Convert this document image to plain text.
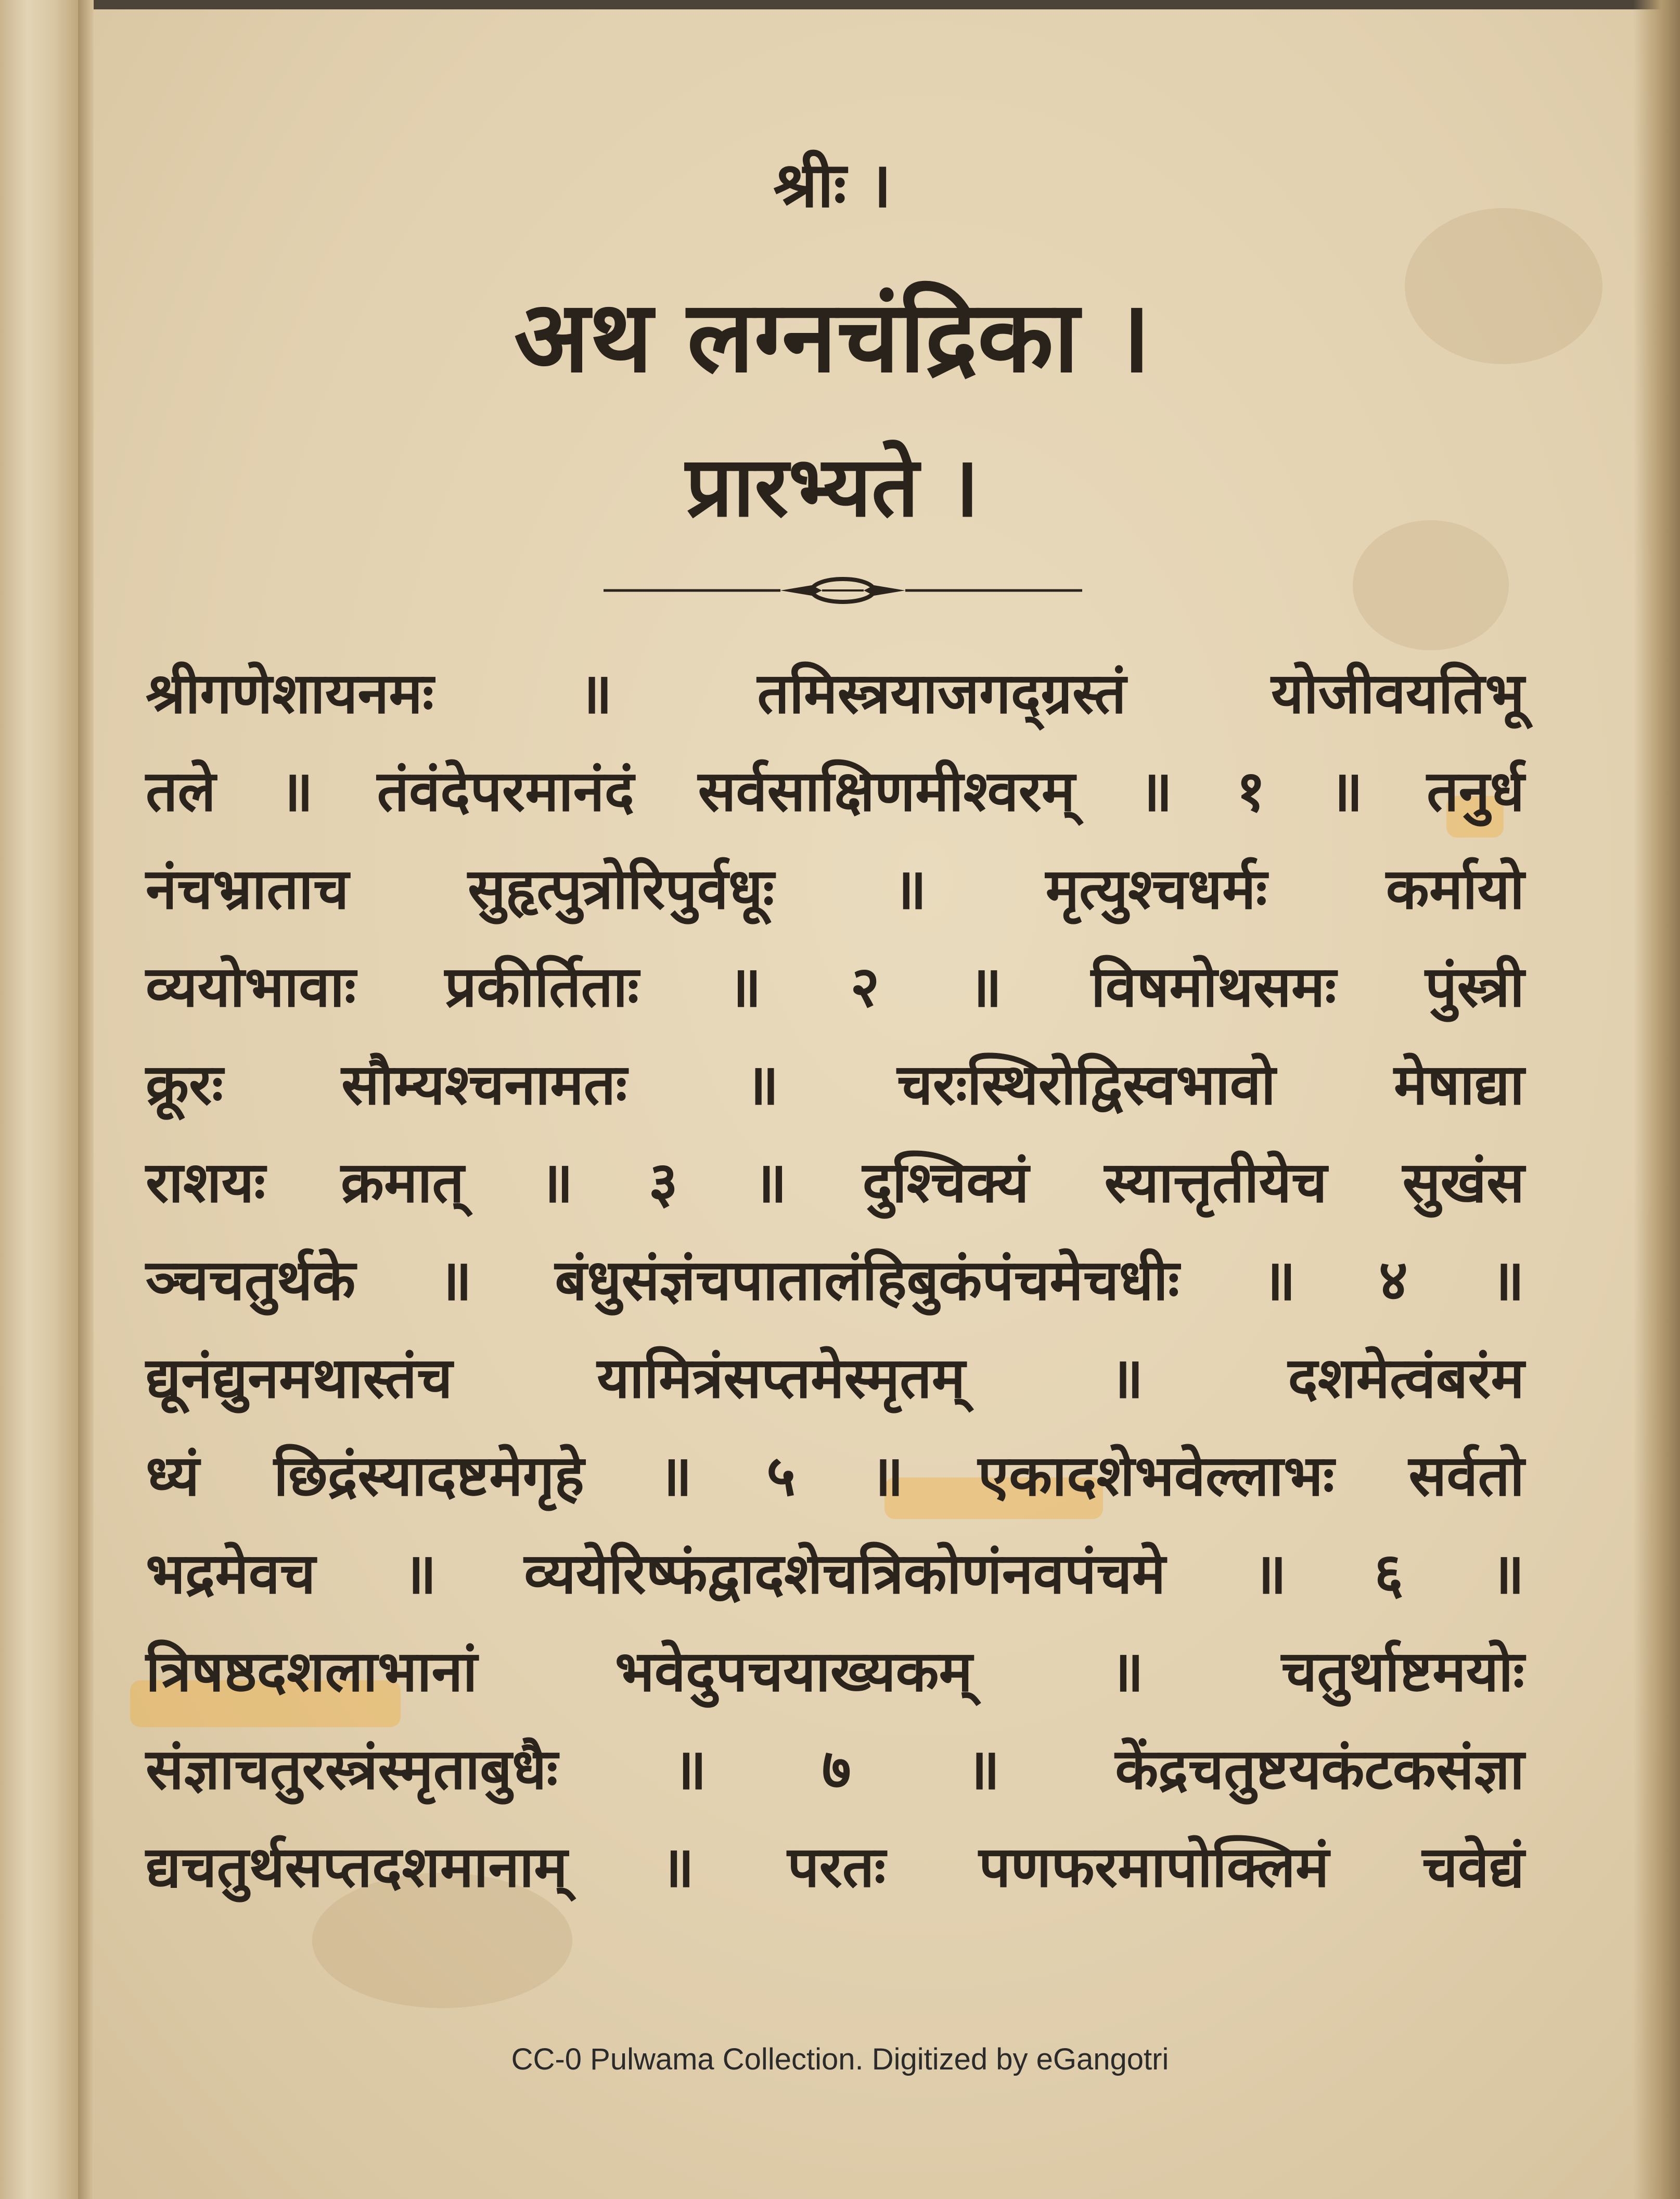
श्रीः ।
अथ लग्नचंद्रिका ।
प्रारभ्यते ।
श्रीगणेशायनमः ॥ तमिस्त्रयाजगद्ग्रस्तं योजीवयतिभू
तले ॥ तंवंदेपरमानंदं सर्वसाक्षिणमीश्वरम् ॥ १ ॥ तनुर्ध
नंचभ्राताच सुहृत्पुत्रोरिपुर्वधूः ॥ मृत्युश्चधर्मः कर्मायो
व्ययोभावाः प्रकीर्तिताः ॥ २ ॥ विषमोथसमः पुंस्त्री
क्रूरः सौम्यश्चनामतः ॥ चरःस्थिरोद्विस्वभावो मेषाद्या
राशयः क्रमात् ॥ ३ ॥ दुश्चिक्यं स्यात्तृतीयेच सुखंस
ञ्चचतुर्थके ॥ बंधुसंज्ञंचपातालंहिबुकंपंचमेचधीः ॥ ४ ॥
द्यूनंद्युनमथास्तंच यामित्रंसप्तमेस्मृतम् ॥ दशमेत्वंबरंम
ध्यं छिद्रंस्यादष्टमेगृहे ॥ ५ ॥ एकादशेभवेल्लाभः सर्वतो
भद्रमेवच ॥ व्ययेरिष्फंद्वादशेचत्रिकोणंनवपंचमे ॥ ६ ॥
त्रिषष्ठदशलाभानां भवेदुपचयाख्यकम् ॥ चतुर्थाष्टमयोः
संज्ञाचतुरस्त्रंस्मृताबुधैः ॥ ७ ॥ केंद्रचतुष्टयकंटकसंज्ञा
द्यचतुर्थसप्तदशमानाम् ॥ परतः पणफरमापोक्लिमं चवेद्यं
CC-0 Pulwama Collection. Digitized by eGangotri
